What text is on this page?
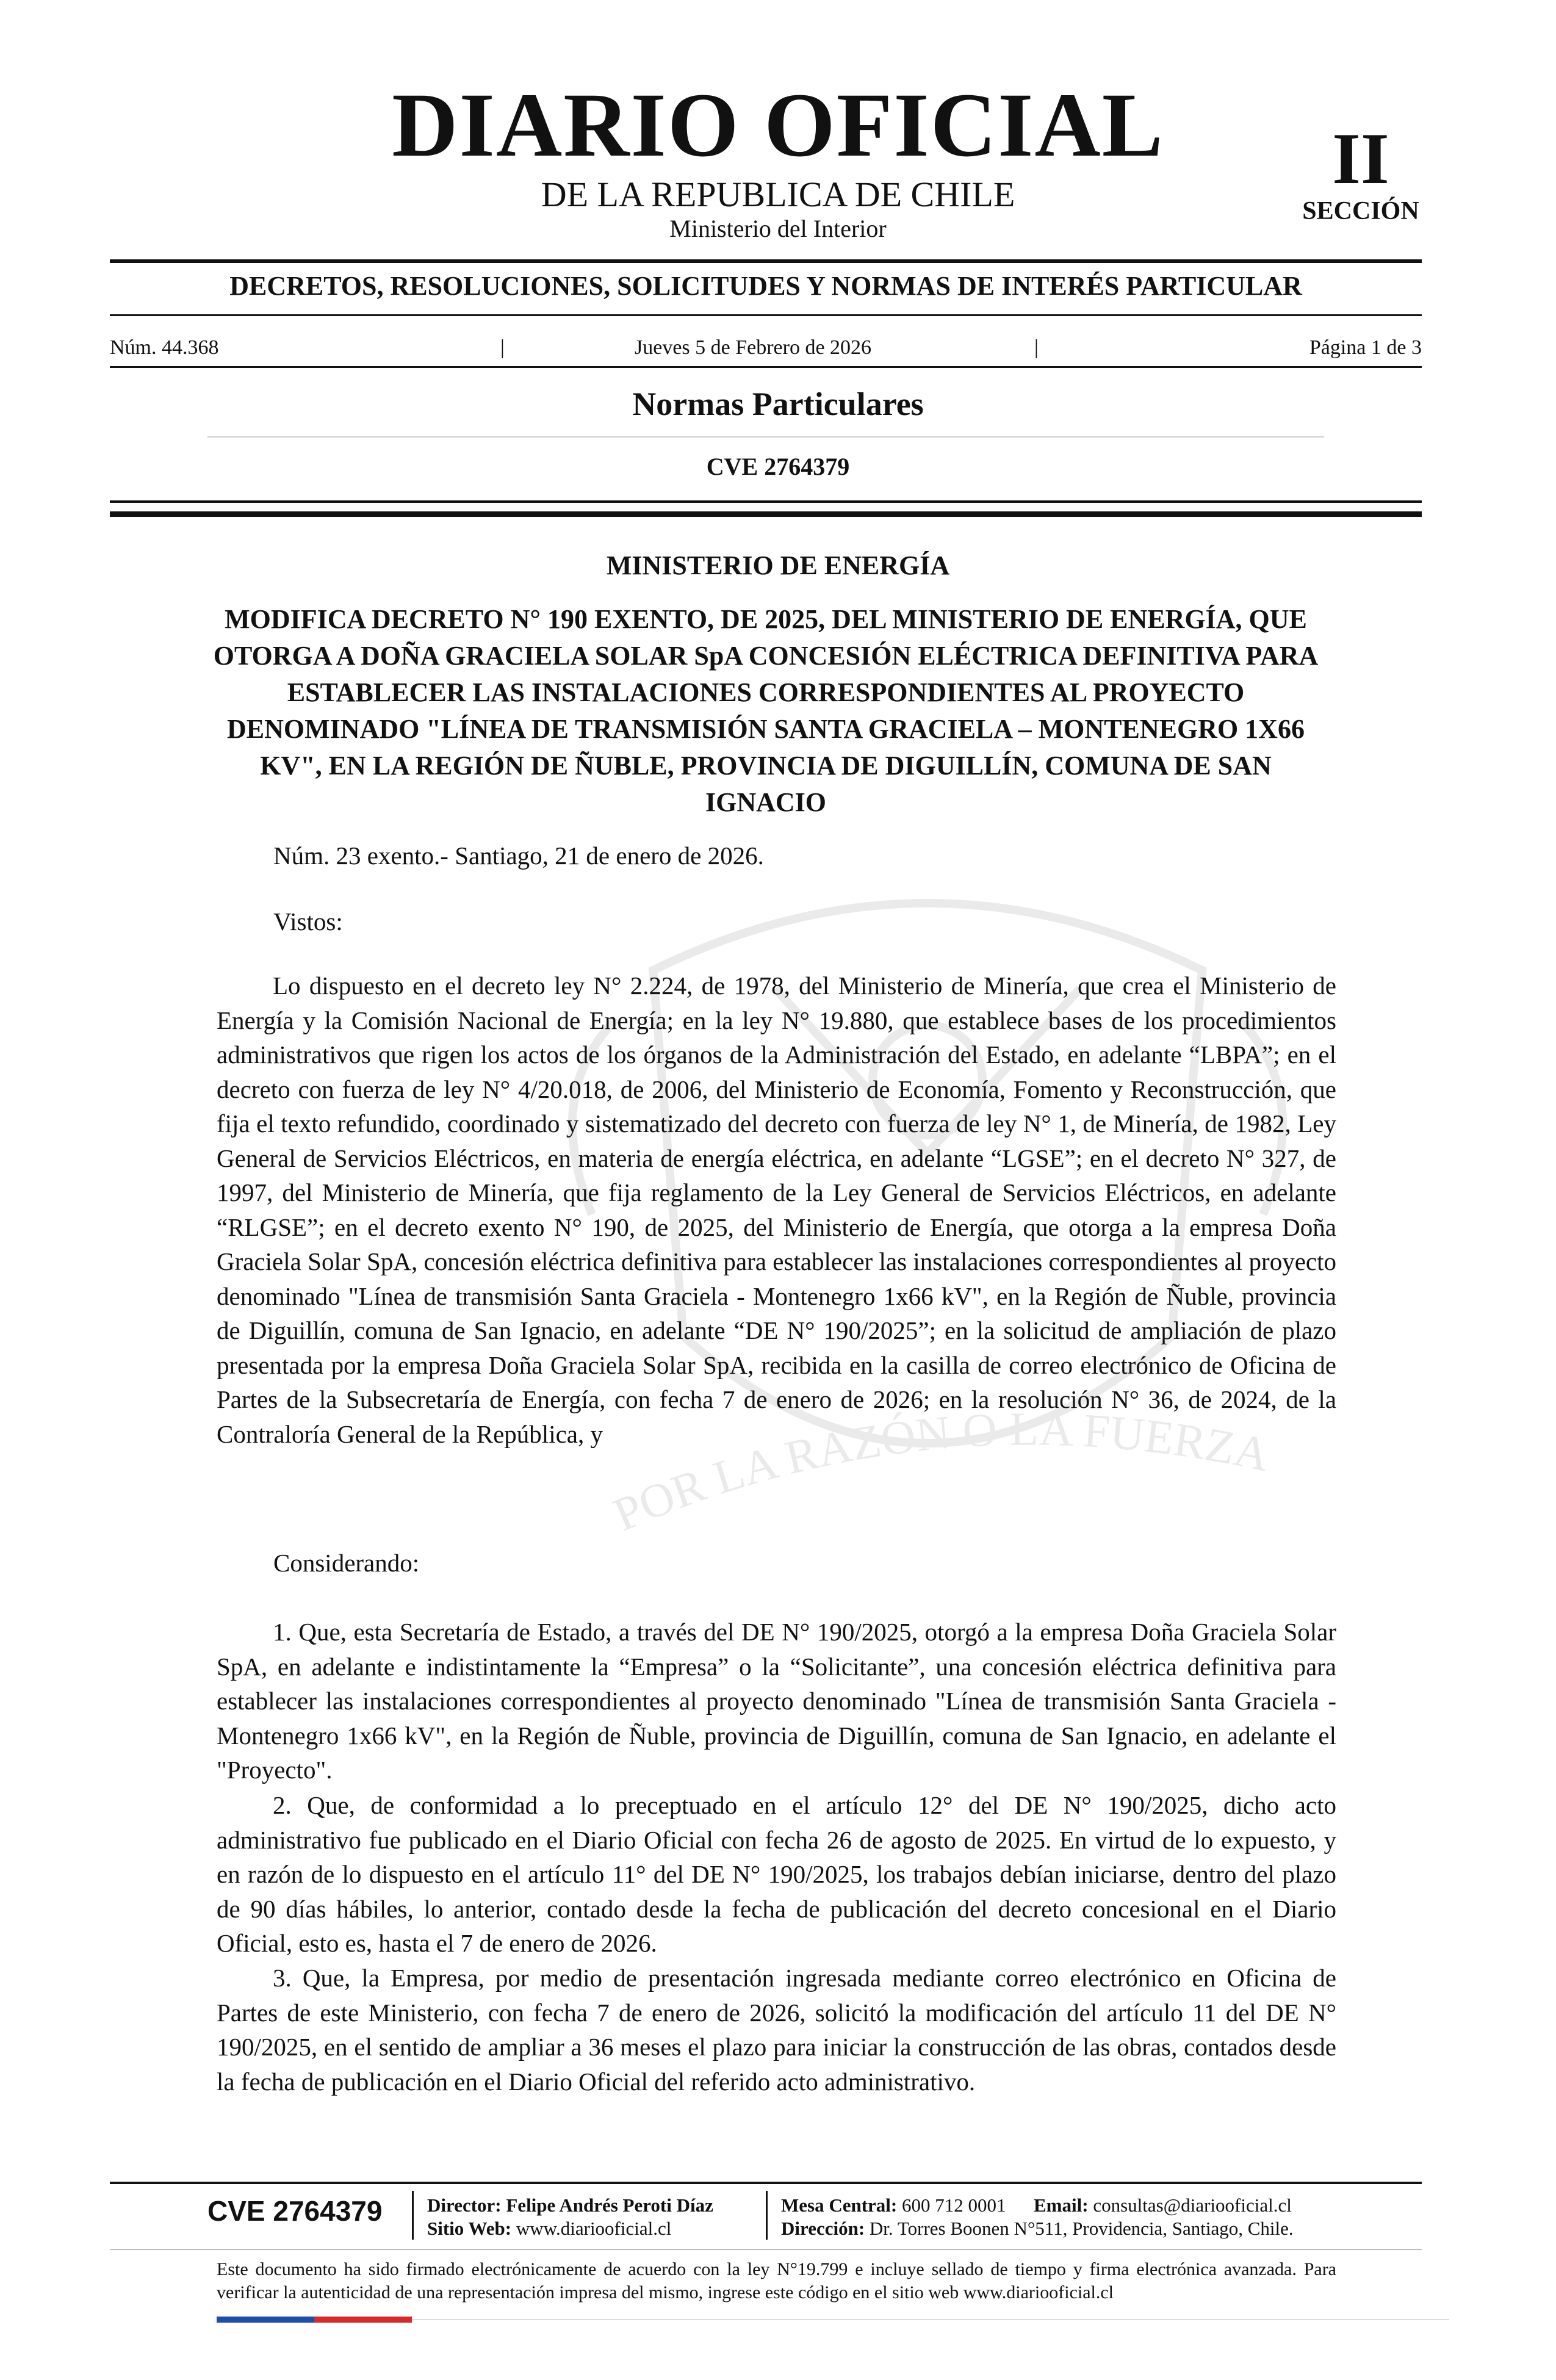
POR LA RAZÓN O LA FUERZA
DIARIO OFICIAL
DE LA REPUBLICA DE CHILE
Ministerio del Interior
II
SECCIÓN
DECRETOS, RESOLUCIONES, SOLICITUDES Y NORMAS DE INTERÉS PARTICULAR
Núm. 44.368	|	Jueves 5 de Febrero de 2026	|	Página 1 de 3
Normas Particulares
CVE 2764379
MINISTERIO DE ENERGÍA
MODIFICA DECRETO N° 190 EXENTO, DE 2025, DEL MINISTERIO DE ENERGÍA, QUE OTORGA A DOÑA GRACIELA SOLAR SpA CONCESIÓN ELÉCTRICA DEFINITIVA PARA ESTABLECER LAS INSTALACIONES CORRESPONDIENTES AL PROYECTO DENOMINADO "LÍNEA DE TRANSMISIÓN SANTA GRACIELA – MONTENEGRO 1X66 KV", EN LA REGIÓN DE ÑUBLE, PROVINCIA DE DIGUILLÍN, COMUNA DE SAN IGNACIO
Núm. 23 exento.- Santiago, 21 de enero de 2026.
Vistos:
Lo dispuesto en el decreto ley N° 2.224, de 1978, del Ministerio de Minería, que crea el Ministerio de Energía y la Comisión Nacional de Energía; en la ley N° 19.880, que establece bases de los procedimientos administrativos que rigen los actos de los órganos de la Administración del Estado, en adelante “LBPA”; en el decreto con fuerza de ley N° 4/20.018, de 2006, del Ministerio de Economía, Fomento y Reconstrucción, que fija el texto refundido, coordinado y sistematizado del decreto con fuerza de ley N° 1, de Minería, de 1982, Ley General de Servicios Eléctricos, en materia de energía eléctrica, en adelante “LGSE”; en el decreto N° 327, de 1997, del Ministerio de Minería, que fija reglamento de la Ley General de Servicios Eléctricos, en adelante “RLGSE”; en el decreto exento N° 190, de 2025, del Ministerio de Energía, que otorga a la empresa Doña Graciela Solar SpA, concesión eléctrica definitiva para establecer las instalaciones correspondientes al proyecto denominado "Línea de transmisión Santa Graciela - Montenegro 1x66 kV", en la Región de Ñuble, provincia de Diguillín, comuna de San Ignacio, en adelante “DE N° 190/2025”; en la solicitud de ampliación de plazo presentada por la empresa Doña Graciela Solar SpA, recibida en la casilla de correo electrónico de Oficina de Partes de la Subsecretaría de Energía, con fecha 7 de enero de 2026; en la resolución N° 36, de 2024, de la Contraloría General de la República, y
Considerando:
1. Que, esta Secretaría de Estado, a través del DE N° 190/2025, otorgó a la empresa Doña Graciela Solar SpA, en adelante e indistintamente la “Empresa” o la “Solicitante”, una concesión eléctrica definitiva para establecer las instalaciones correspondientes al proyecto denominado "Línea de transmisión Santa Graciela - Montenegro 1x66 kV", en la Región de Ñuble, provincia de Diguillín, comuna de San Ignacio, en adelante el "Proyecto".
2. Que, de conformidad a lo preceptuado en el artículo 12° del DE N° 190/2025, dicho acto administrativo fue publicado en el Diario Oficial con fecha 26 de agosto de 2025. En virtud de lo expuesto, y en razón de lo dispuesto en el artículo 11° del DE N° 190/2025, los trabajos debían iniciarse, dentro del plazo de 90 días hábiles, lo anterior, contado desde la fecha de publicación del decreto concesional en el Diario Oficial, esto es, hasta el 7 de enero de 2026.
3. Que, la Empresa, por medio de presentación ingresada mediante correo electrónico en Oficina de Partes de este Ministerio, con fecha 7 de enero de 2026, solicitó la modificación del artículo 11 del DE N° 190/2025, en el sentido de ampliar a 36 meses el plazo para iniciar la construcción de las obras, contados desde la fecha de publicación en el Diario Oficial del referido acto administrativo.
CVE 2764379 Director: Felipe Andrés Peroti Díaz
Sitio Web: www.diariooficial.cl
Mesa Central: 600 712 0001 Email: consultas@diariooficial.cl
Dirección: Dr. Torres Boonen N°511, Providencia, Santiago, Chile.
Este documento ha sido firmado electrónicamente de acuerdo con la ley N°19.799 e incluye sellado de tiempo y firma electrónica avanzada. Para verificar la autenticidad de una representación impresa del mismo, ingrese este código en el sitio web www.diariooficial.cl
